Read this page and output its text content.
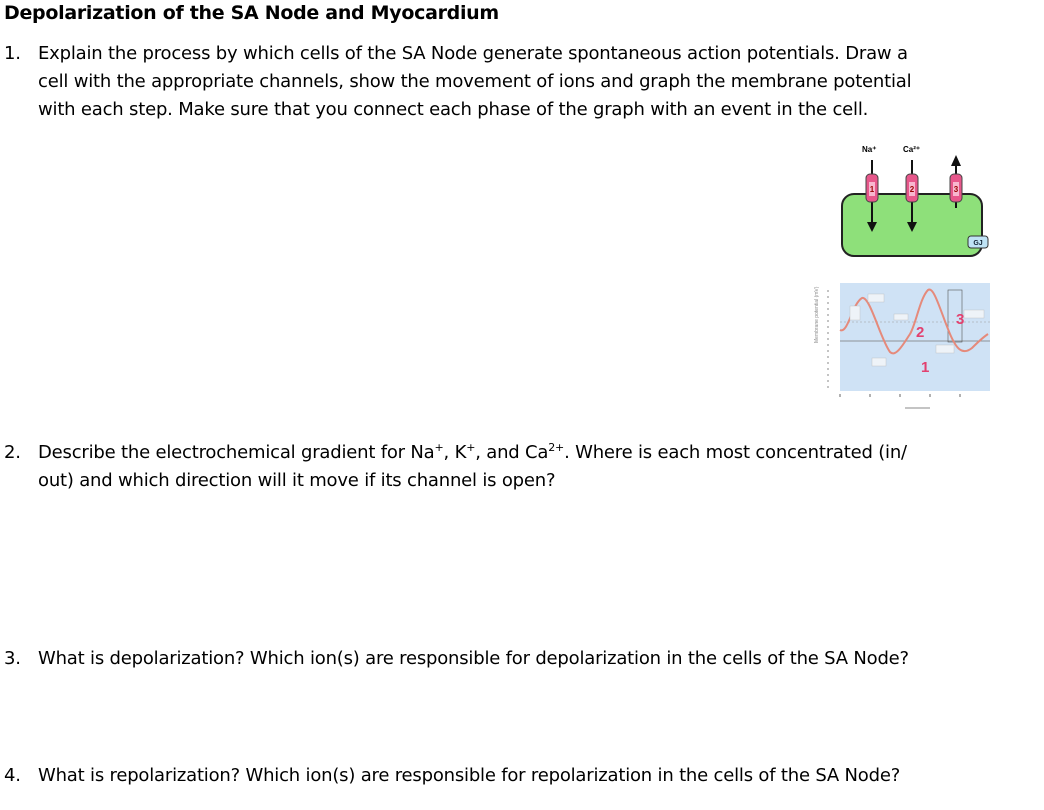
Depolarization of the SA Node and Myocardium
1. Explain the process by which cells of the SA Node generate spontaneous action potentials. Draw a
cell with the appropriate channels, show the movement of ions and graph the membrane potential
with each step. Make sure that you connect each phase of the graph with an event in the cell.
Na⁺	Ca²⁺
1	2	3
GJ
Membrane potential (mV)	2
3
1
2. Describe the electrochemical gradient for Na+, K+, and $Ca^{2+}$. Where is each most concentrated (in/
out) and which direction will it move if its channel is open?
3. What is depolarization? Which ion(s) are responsible for depolarization in the cells of the SA Node?
4. What is repolarization? Which ion(s) are responsible for repolarization in the cells of the SA Node?
